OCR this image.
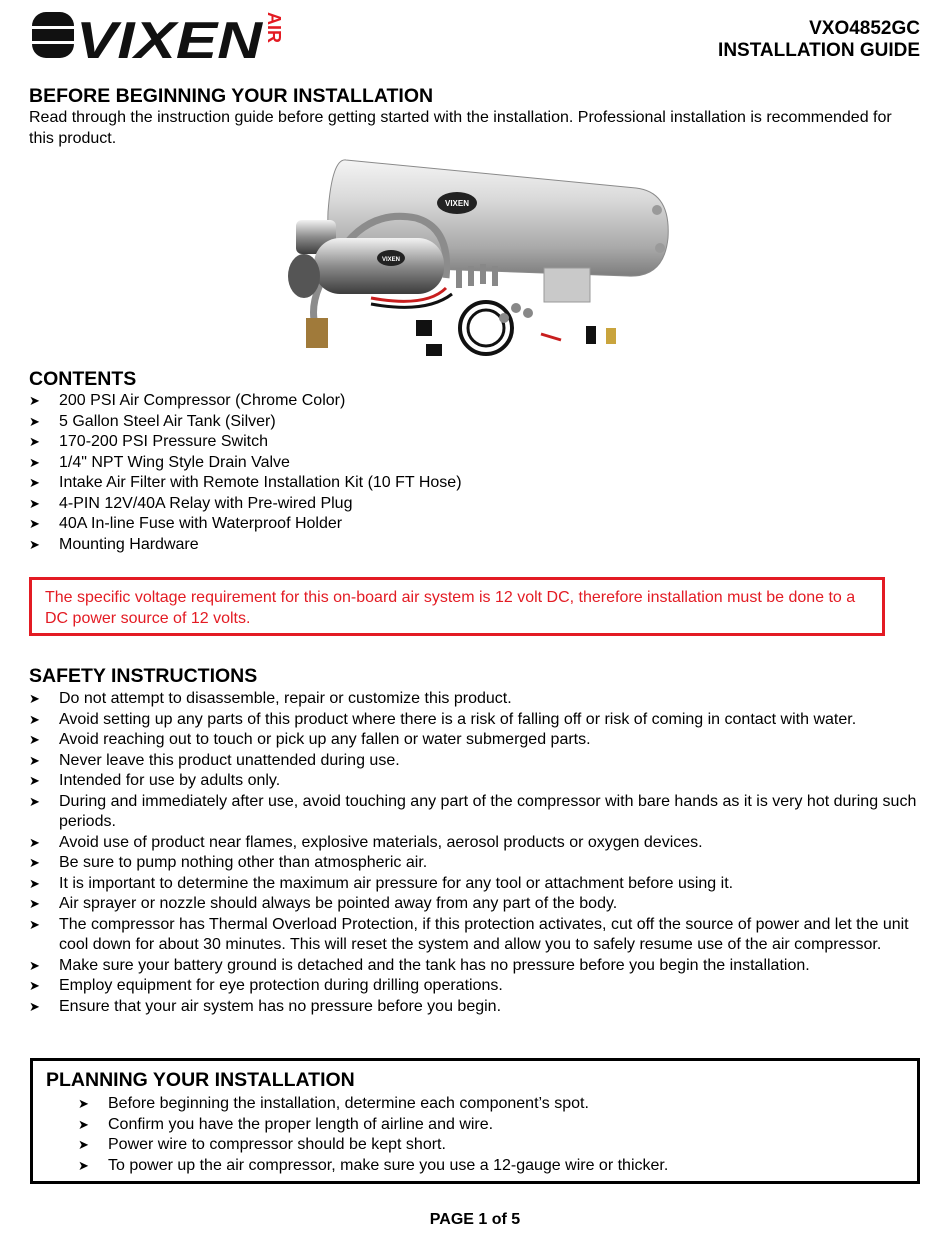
VIXEN AIR	VXO4852GC
INSTALLATION GUIDE
BEFORE BEGINNING YOUR INSTALLATION
Read through the instruction guide before getting started with the installation. Professional installation is recommended for this product.
VIXEN
VIXEN
CONTENTS
➤ 200 PSI Air Compressor (Chrome Color)
➤ 5 Gallon Steel Air Tank (Silver)
➤ 170-200 PSI Pressure Switch
➤ 1/4" NPT Wing Style Drain Valve
➤ Intake Air Filter with Remote Installation Kit (10 FT Hose)
➤ 4-PIN 12V/40A Relay with Pre-wired Plug
➤ 40A In-line Fuse with Waterproof Holder
➤ Mounting Hardware
The specific voltage requirement for this on-board air system is 12 volt DC, therefore installation must be done to a DC power source of 12 volts.
SAFETY INSTRUCTIONS
➤ Do not attempt to disassemble, repair or customize this product.
➤ Avoid setting up any parts of this product where there is a risk of falling off or risk of coming in contact with water.
➤ Avoid reaching out to touch or pick up any fallen or water submerged parts.
➤ Never leave this product unattended during use.
➤ Intended for use by adults only.
➤ During and immediately after use, avoid touching any part of the compressor with bare hands as it is very hot during such periods.
➤ Avoid use of product near flames, explosive materials, aerosol products or oxygen devices.
➤ Be sure to pump nothing other than atmospheric air.
➤ It is important to determine the maximum air pressure for any tool or attachment before using it.
➤ Air sprayer or nozzle should always be pointed away from any part of the body.
➤ The compressor has Thermal Overload Protection, if this protection activates, cut off the source of power and let the unit cool down for about 30 minutes. This will reset the system and allow you to safely resume use of the air compressor.
➤ Make sure your battery ground is detached and the tank has no pressure before you begin the installation.
➤ Employ equipment for eye protection during drilling operations.
➤ Ensure that your air system has no pressure before you begin.
PLANNING YOUR INSTALLATION
➤ Before beginning the installation, determine each component’s spot.
➤ Confirm you have the proper length of airline and wire.
➤ Power wire to compressor should be kept short.
➤ To power up the air compressor, make sure you use a 12-gauge wire or thicker.
PAGE 1 of 5
